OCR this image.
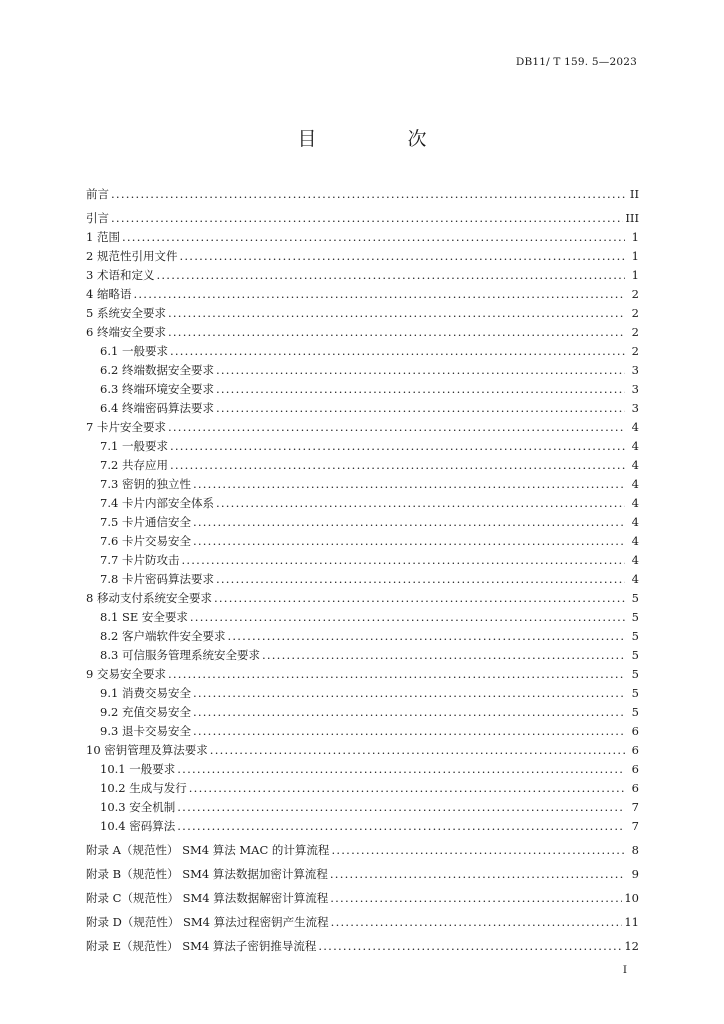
DB11/ T 159. 5—2023
目　次
前言 . . .	II
引言 . . .	III
1 范围 . . .	1
2 规范性引用文件 . . .	1
3 术语和定义 . . .	1
4 缩略语 . . .	2
5 系统安全要求 . . .	2
6 终端安全要求 . . .	2
6.1 一般要求 . . .	2
6.2 终端数据安全要求 . . .	3
6.3 终端环境安全要求 . . .	3
6.4 终端密码算法要求 . . .	3
7 卡片安全要求 . . .	4
7.1 一般要求 . . .	4
7.2 共存应用 . . .	4
7.3 密钥的独立性 . . .	4
7.4 卡片内部安全体系 . . .	4
7.5 卡片通信安全 . . .	4
7.6 卡片交易安全 . . .	4
7.7 卡片防攻击 . . .	4
7.8 卡片密码算法要求 . . .	4
8 移动支付系统安全要求 . . .	5
8.1 SE 安全要求 . . .	5
8.2 客户端软件安全要求 . . .	5
8.3 可信服务管理系统安全要求 . . .	5
9 交易安全要求 . . .	5
9.1 消费交易安全 . . .	5
9.2 充值交易安全 . . .	5
9.3 退卡交易安全 . . .	6
10 密钥管理及算法要求 . . .	6
10.1 一般要求 . . .	6
10.2 生成与发行 . . .	6
10.3 安全机制 . . .	7
10.4 密码算法 . . .	7
附录 A（规范性） SM4 算法 MAC 的计算流程 . . .	8
附录 B（规范性） SM4 算法数据加密计算流程 . . .	9
附录 C（规范性） SM4 算法数据解密计算流程 . . .	10
附录 D（规范性） SM4 算法过程密钥产生流程 . . .	11
附录 E（规范性） SM4 算法子密钥推导流程 . . .	12
I
